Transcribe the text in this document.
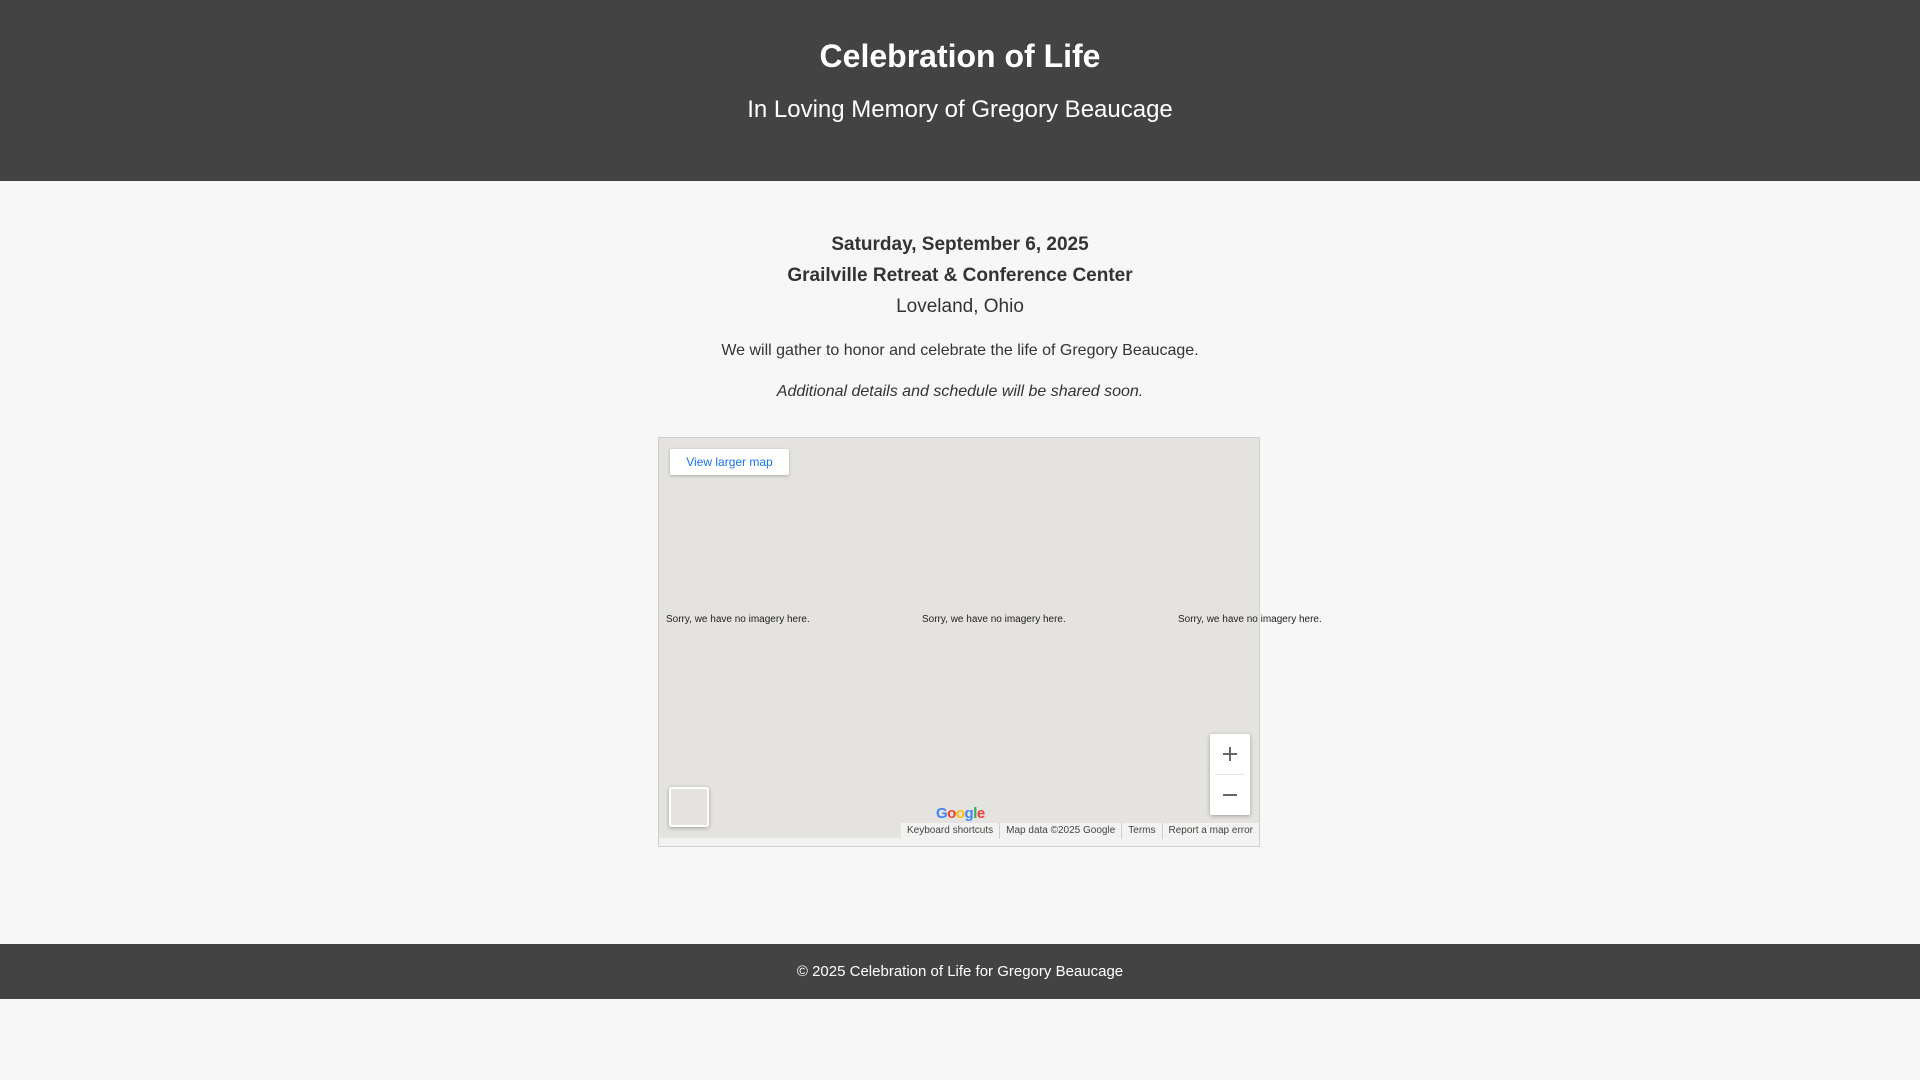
Celebration of Life
In Loving Memory of Gregory Beaucage
Saturday, September 6, 2025
Grailville Retreat & Conference Center
Loveland, Ohio
We will gather to honor and celebrate the life of Gregory Beaucage.
Additional details and schedule will be shared soon.
View larger map
Sorry, we have no imagery here.	Sorry, we have no imagery here.	Sorry, we have no imagery here.
Google
Keyboard shortcuts	Map data ©2025 Google	Terms	Report a map error
© 2025 Celebration of Life for Gregory Beaucage
